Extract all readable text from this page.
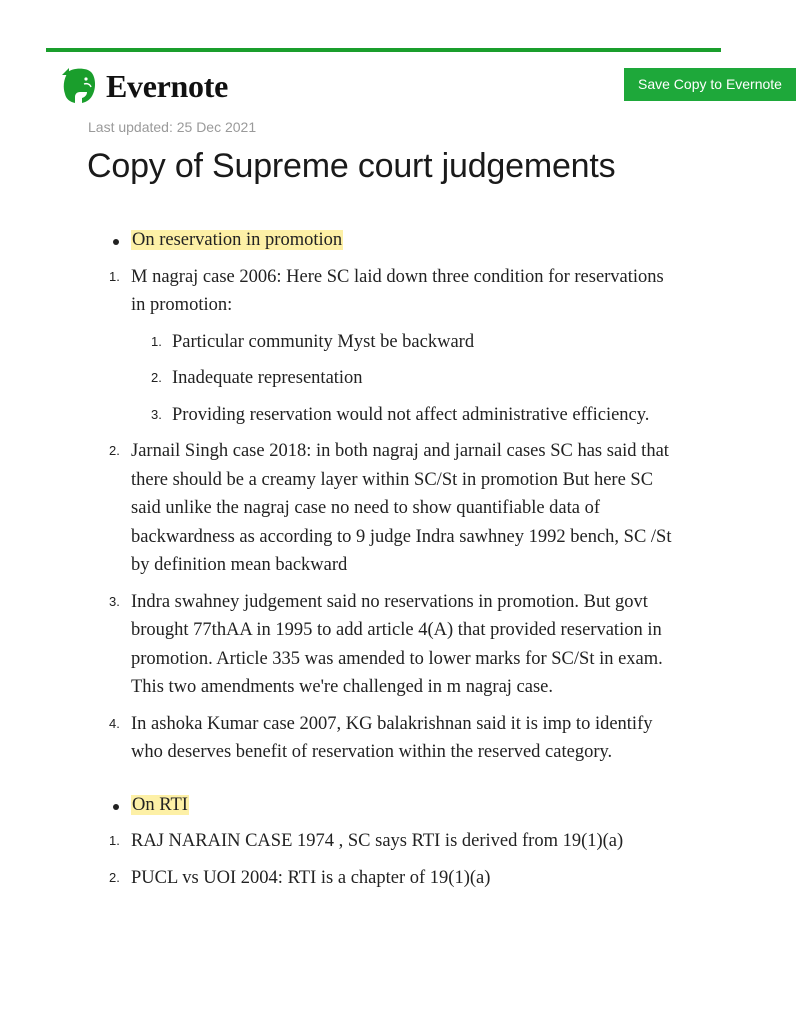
Evernote	Save Copy to Evernote
Last updated: 25 Dec 2021
Copy of Supreme court judgements
On reservation in promotion
1. M nagraj case 2006: Here SC laid down three condition for reservations in promotion:
1. Particular community Myst be backward
2. Inadequate representation
3. Providing reservation would not affect administrative efficiency.
2. Jarnail Singh case 2018: in both nagraj and jarnail cases SC has said that there should be a creamy layer within SC/St in promotion But here SC said unlike the nagraj case no need to show quantifiable data of backwardness as according to 9 judge Indra sawhney 1992 bench, SC /St by definition mean backward
3. Indra swahney judgement said no reservations in promotion. But govt brought 77thAA in 1995 to add article 4(A) that provided reservation in promotion. Article 335 was amended to lower marks for SC/St in exam. This two amendments we're challenged in m nagraj case.
4. In ashoka Kumar case 2007, KG balakrishnan said it is imp to identify who deserves benefit of reservation within the reserved category.
On RTI
1. RAJ NARAIN CASE 1974 , SC says RTI is derived from 19(1)(a)
2. PUCL vs UOI 2004: RTI is a chapter of 19(1)(a)
